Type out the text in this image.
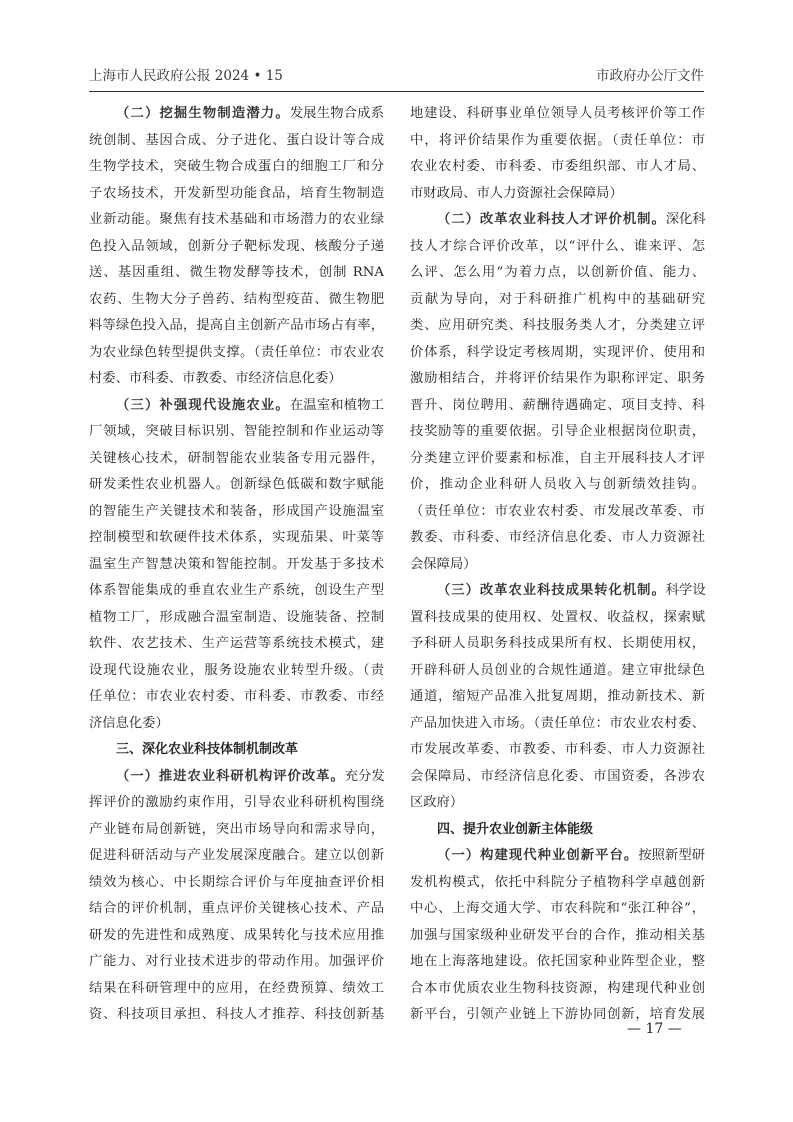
上海市人民政府公报 2024 • 15	市政府办公厅文件
（二）挖掘生物制造潜力。发展生物合成系
统创制、基因合成、分子进化、蛋白设计等合成
生物学技术，突破生物合成蛋白的细胞工厂和分
子农场技术，开发新型功能食品，培育生物制造
业新动能。聚焦有技术基础和市场潜力的农业绿
色投入品领域，创新分子靶标发现、核酸分子递
送、基因重组、微生物发酵等技术，创制 RNA
农药、生物大分子兽药、结构型疫苗、微生物肥
料等绿色投入品，提高自主创新产品市场占有率，
为农业绿色转型提供支撑。（责任单位：市农业农
村委、市科委、市教委、市经济信息化委）
（三）补强现代设施农业。在温室和植物工
厂领域，突破目标识别、智能控制和作业运动等
关键核心技术，研制智能农业装备专用元器件，
研发柔性农业机器人。创新绿色低碳和数字赋能
的智能生产关键技术和装备，形成国产设施温室
控制模型和软硬件技术体系，实现茄果、叶菜等
温室生产智慧决策和智能控制。开发基于多技术
体系智能集成的垂直农业生产系统，创设生产型
植物工厂，形成融合温室制造、设施装备、控制
软件、农艺技术、生产运营等系统技术模式，建
设现代设施农业，服务设施农业转型升级。（责
任单位：市农业农村委、市科委、市教委、市经
济信息化委）
三、深化农业科技体制机制改革
（一）推进农业科研机构评价改革。充分发
挥评价的激励约束作用，引导农业科研机构围绕
产业链布局创新链，突出市场导向和需求导向，
促进科研活动与产业发展深度融合。建立以创新
绩效为核心、中长期综合评价与年度抽查评价相
结合的评价机制，重点评价关键核心技术、产品
研发的先进性和成熟度、成果转化与技术应用推
广能力、对行业技术进步的带动作用。加强评价
结果在科研管理中的应用，在经费预算、绩效工
资、科技项目承担、科技人才推荐、科技创新基
地建设、科研事业单位领导人员考核评价等工作
中，将评价结果作为重要依据。（责任单位：市
农业农村委、市科委、市委组织部、市人才局、
市财政局、市人力资源社会保障局）
（二）改革农业科技人才评价机制。深化科
技人才综合评价改革，以“评什么、谁来评、怎
么评、怎么用”为着力点，以创新价值、能力、
贡献为导向，对于科研推广机构中的基础研究
类、应用研究类、科技服务类人才，分类建立评
价体系，科学设定考核周期，实现评价、使用和
激励相结合，并将评价结果作为职称评定、职务
晋升、岗位聘用、薪酬待遇确定、项目支持、科
技奖励等的重要依据。引导企业根据岗位职责，
分类建立评价要素和标准，自主开展科技人才评
价，推动企业科研人员收入与创新绩效挂钩。
（责任单位：市农业农村委、市发展改革委、市
教委、市科委、市经济信息化委、市人力资源社
会保障局）
（三）改革农业科技成果转化机制。科学设
置科技成果的使用权、处置权、收益权，探索赋
予科研人员职务科技成果所有权、长期使用权，
开辟科研人员创业的合规性通道。建立审批绿色
通道，缩短产品准入批复周期，推动新技术、新
产品加快进入市场。（责任单位：市农业农村委、
市发展改革委、市教委、市科委、市人力资源社
会保障局、市经济信息化委、市国资委，各涉农
区政府）
四、提升农业创新主体能级
（一）构建现代种业创新平台。按照新型研
发机构模式，依托中科院分子植物科学卓越创新
中心、上海交通大学、市农科院和“张江种谷”，
加强与国家级种业研发平台的合作，推动相关基
地在上海落地建设。依托国家种业阵型企业，整
合本市优质农业生物科技资源，构建现代种业创
新平台，引领产业链上下游协同创新，培育发展
— 17 —
